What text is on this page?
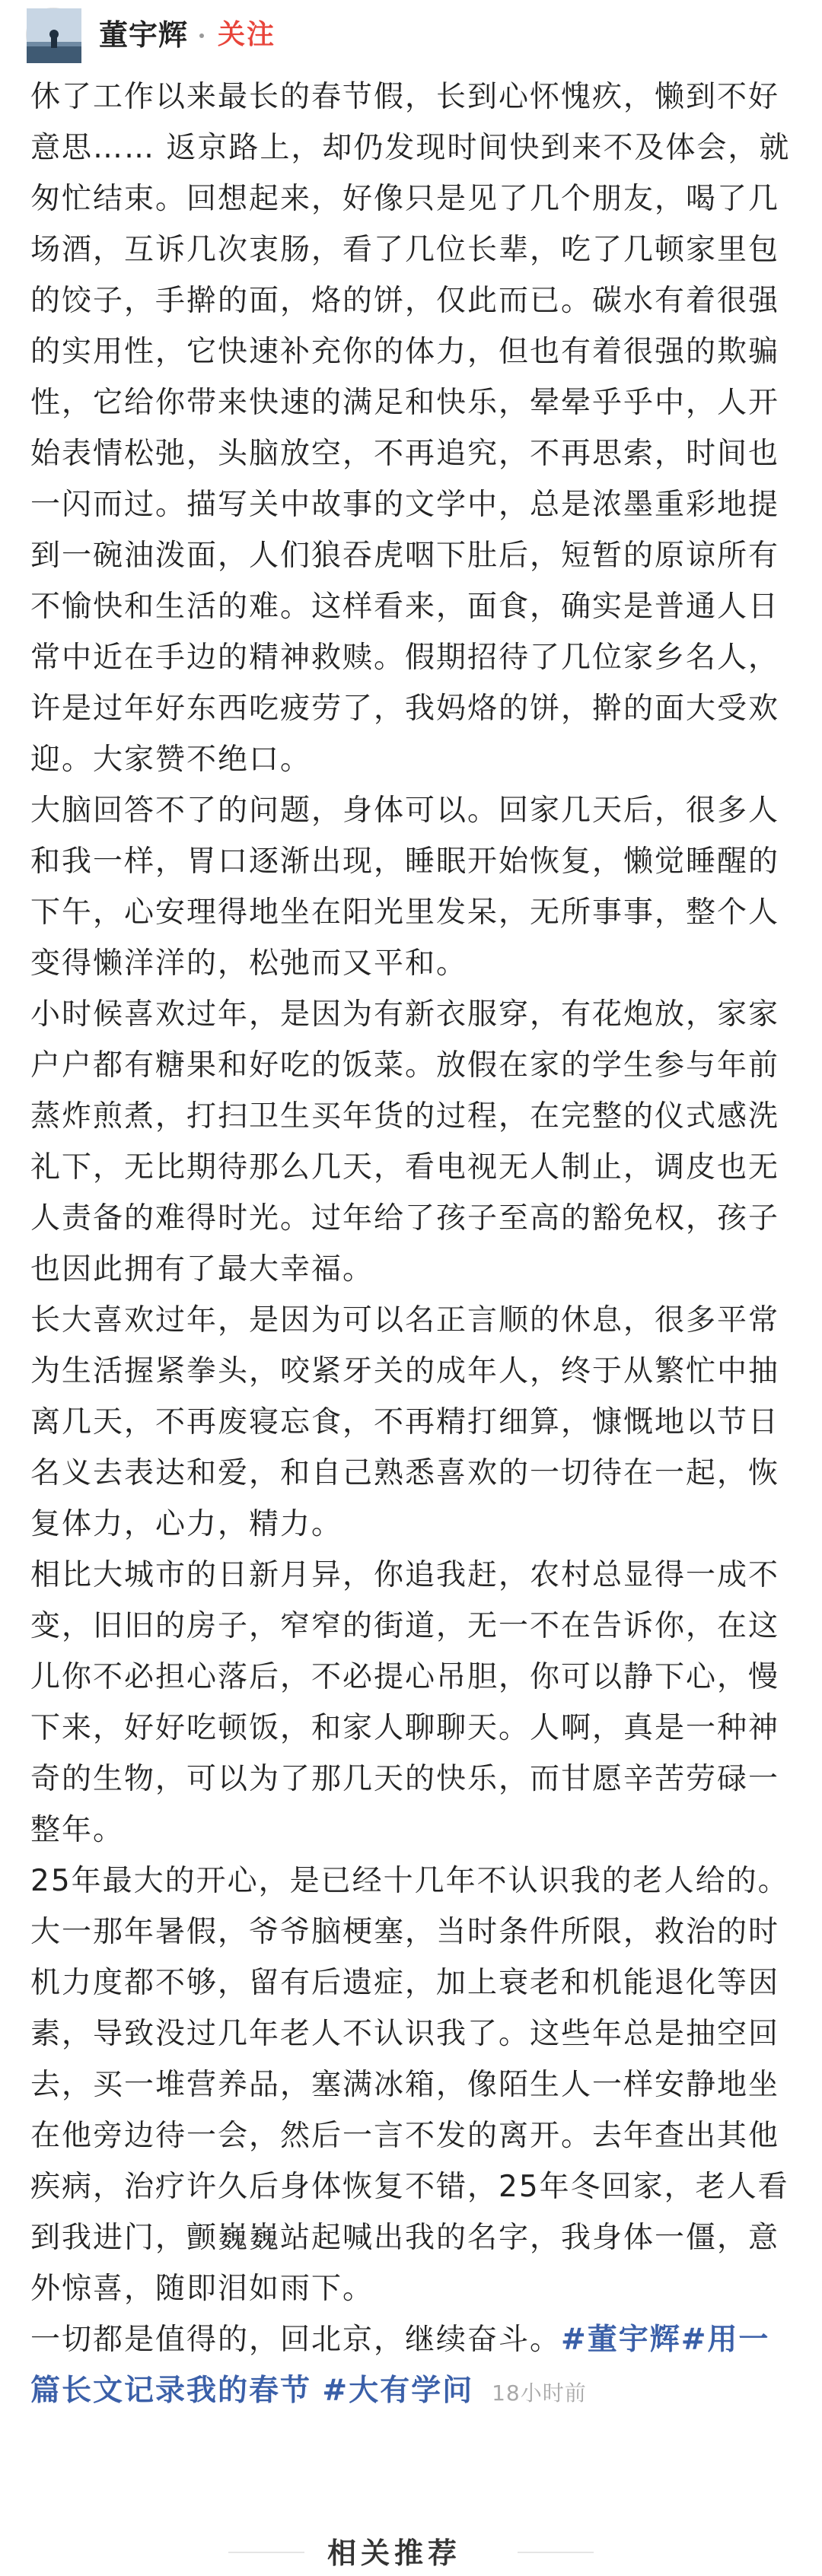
董宇辉 关注

休了工作以来最长的春节假，长到心怀愧疚，懒到不好意思…… 返京路上，却仍发现时间快到来不及体会，就匆忙结束。回想起来，好像只是见了几个朋友，喝了几场酒，互诉几次衷肠，看了几位长辈，吃了几顿家里包的饺子，手擀的面，烙的饼，仅此而已。碳水有着很强的实用性，它快速补充你的体力，但也有着很强的欺骗性，它给你带来快速的满足和快乐，晕晕乎乎中，人开始表情松弛，头脑放空，不再追究，不再思索，时间也一闪而过。描写关中故事的文学中，总是浓墨重彩地提到一碗油泼面，人们狼吞虎咽下肚后，短暂的原谅所有不愉快和生活的难。这样看来，面食，确实是普通人日常中近在手边的精神救赎。假期招待了几位家乡名人，许是过年好东西吃疲劳了，我妈烙的饼，擀的面大受欢迎。大家赞不绝口。

大脑回答不了的问题，身体可以。回家几天后，很多人和我一样，胃口逐渐出现，睡眠开始恢复，懒觉睡醒的下午，心安理得地坐在阳光里发呆，无所事事，整个人变得懒洋洋的，松弛而又平和。

小时候喜欢过年，是因为有新衣服穿，有花炮放，家家户户都有糖果和好吃的饭菜。放假在家的学生参与年前蒸炸煎煮，打扫卫生买年货的过程，在完整的仪式感洗礼下，无比期待那么几天，看电视无人制止，调皮也无人责备的难得时光。过年给了孩子至高的豁免权，孩子也因此拥有了最大幸福。

长大喜欢过年，是因为可以名正言顺的休息，很多平常为生活握紧拳头，咬紧牙关的成年人，终于从繁忙中抽离几天，不再废寝忘食，不再精打细算，慷慨地以节日名义去表达和爱，和自己熟悉喜欢的一切待在一起，恢复体力，心力，精力。

相比大城市的日新月异，你追我赶，农村总显得一成不变，旧旧的房子，窄窄的街道，无一不在告诉你，在这儿你不必担心落后，不必提心吊胆，你可以静下心，慢下来，好好吃顿饭，和家人聊聊天。人啊，真是一种神奇的生物，可以为了那几天的快乐，而甘愿辛苦劳碌一整年。

25年最大的开心，是已经十几年不认识我的老人给的。大一那年暑假，爷爷脑梗塞，当时条件所限，救治的时机力度都不够，留有后遗症，加上衰老和机能退化等因素，导致没过几年老人不认识我了。这些年总是抽空回去，买一堆营养品，塞满冰箱，像陌生人一样安静地坐在他旁边待一会，然后一言不发的离开。去年查出其他疾病，治疗许久后身体恢复不错，25年冬回家，老人看到我进门，颤巍巍站起喊出我的名字，我身体一僵，意外惊喜，随即泪如雨下。

一切都是值得的，回北京，继续奋斗。#董宇辉#用一篇长文记录我的春节 #大有学问 18小时前

相关推荐
